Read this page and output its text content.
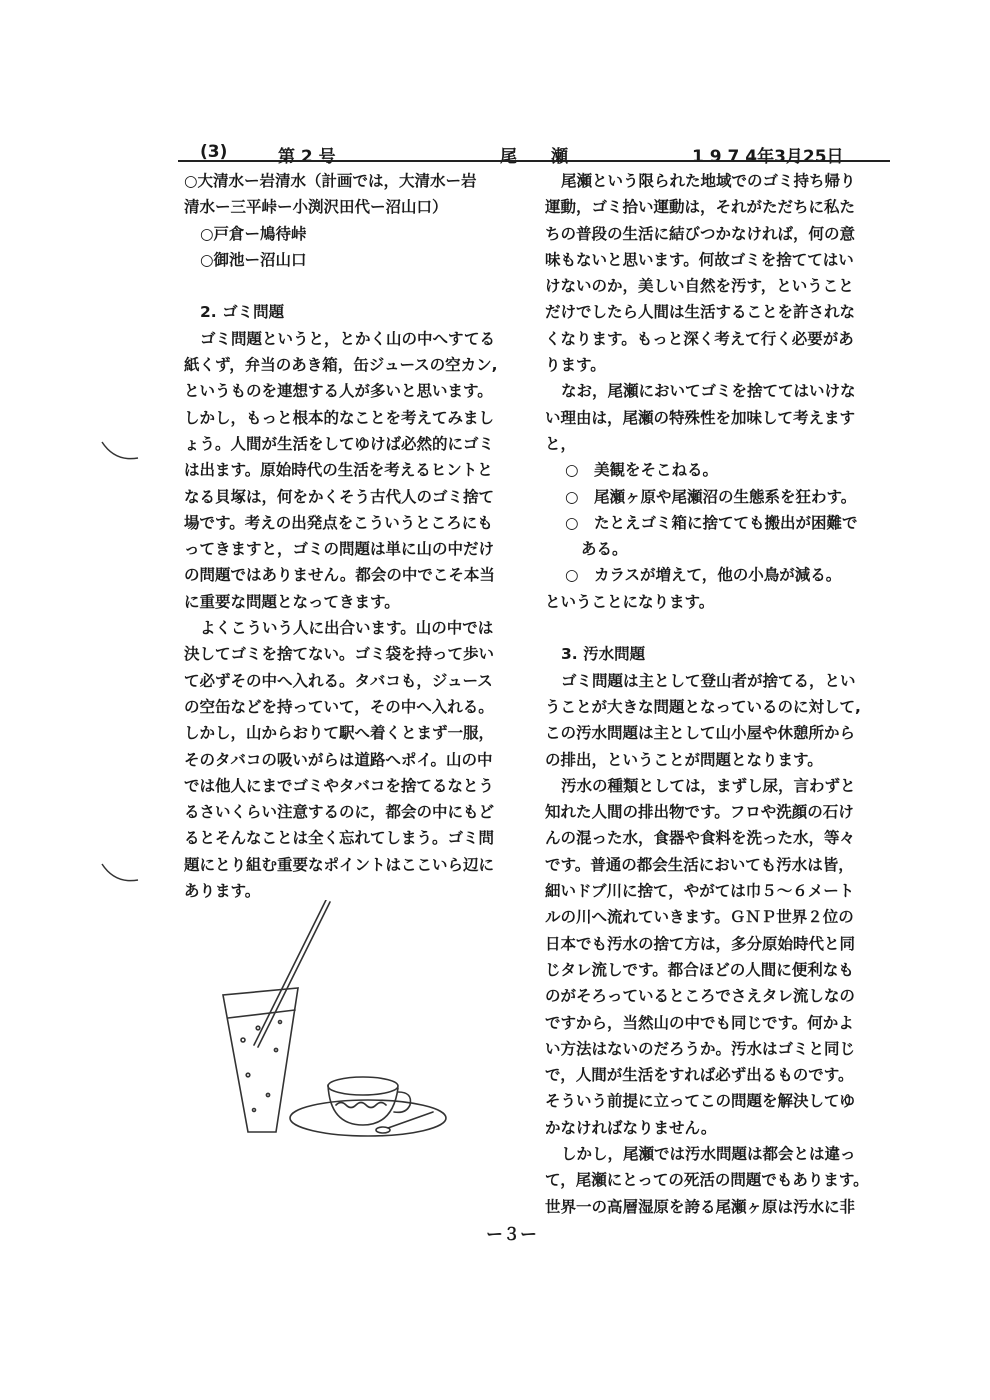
(3)	第 2 号	尾　　瀬	1 9 7 4年3月25日
○大清水ー岩清水（計画では，大清水ー岩
清水ー三平峠ー小渕沢田代ー沼山口）
○戸倉ー鳩待峠
○御池ー沼山口
2. ゴミ問題
ゴミ問題というと，とかく山の中へすてる
紙くず，弁当のあき箱，缶ジュースの空カン,
というものを連想する人が多いと思います。
しかし，もっと根本的なことを考えてみまし
ょう。人間が生活をしてゆけば必然的にゴミ
は出ます。原始時代の生活を考えるヒントと
なる貝塚は，何をかくそう古代人のゴミ捨て
場です。考えの出発点をこういうところにも
ってきますと，ゴミの問題は単に山の中だけ
の問題ではありません。都会の中でこそ本当
に重要な問題となってきます。
よくこういう人に出合います。山の中では
決してゴミを捨てない。ゴミ袋を持って歩い
て必ずその中へ入れる。タバコも，ジュース
の空缶などを持っていて，その中へ入れる。
しかし，山からおりて駅へ着くとまず一服，
そのタバコの吸いがらは道路へポイ。山の中
では他人にまでゴミやタバコを捨てるなとう
るさいくらい注意するのに，都会の中にもど
るとそんなことは全く忘れてしまう。ゴミ問
題にとり組む重要なポイントはここいら辺に
あります。
尾瀬という限られた地域でのゴミ持ち帰り
運動，ゴミ拾い運動は，それがただちに私た
ちの普段の生活に結びつかなければ，何の意
味もないと思います。何故ゴミを捨ててはい
けないのか，美しい自然を汚す，ということ
だけでしたら人間は生活することを許されな
くなります。もっと深く考えて行く必要があ
ります。
なお，尾瀬においてゴミを捨ててはいけな
い理由は，尾瀬の特殊性を加味して考えます
と，
○　美観をそこねる。
○　尾瀬ヶ原や尾瀬沼の生態系を狂わす。
○　たとえゴミ箱に捨てても搬出が困難で
ある。
○　カラスが増えて，他の小鳥が減る。
ということになります。
3. 汚水問題
ゴミ問題は主として登山者が捨てる，とい
うことが大きな問題となっているのに対して,
この汚水問題は主として山小屋や休憩所から
の排出，ということが問題となります。
汚水の種類としては，まずし尿，言わずと
知れた人間の排出物です。フロや洗顔の石け
んの混った水，食器や食料を洗った水，等々
です。普通の都会生活においても汚水は皆，
細いドブ川に捨て，やがては巾５～６メート
ルの川へ流れていきます。ＧＮＰ世界２位の
日本でも汚水の捨て方は，多分原始時代と同
じタレ流しです。都合ほどの人間に便利なも
のがそろっているところでさえタレ流しなの
ですから，当然山の中でも同じです。何かよ
い方法はないのだろうか。汚水はゴミと同じ
で，人間が生活をすれば必ず出るものです。
そういう前提に立ってこの問題を解決してゆ
かなければなりません。
しかし，尾瀬では汚水問題は都会とは違っ
て，尾瀬にとっての死活の問題でもあります。
世界一の高層湿原を誇る尾瀬ヶ原は汚水に非
ー３ー
